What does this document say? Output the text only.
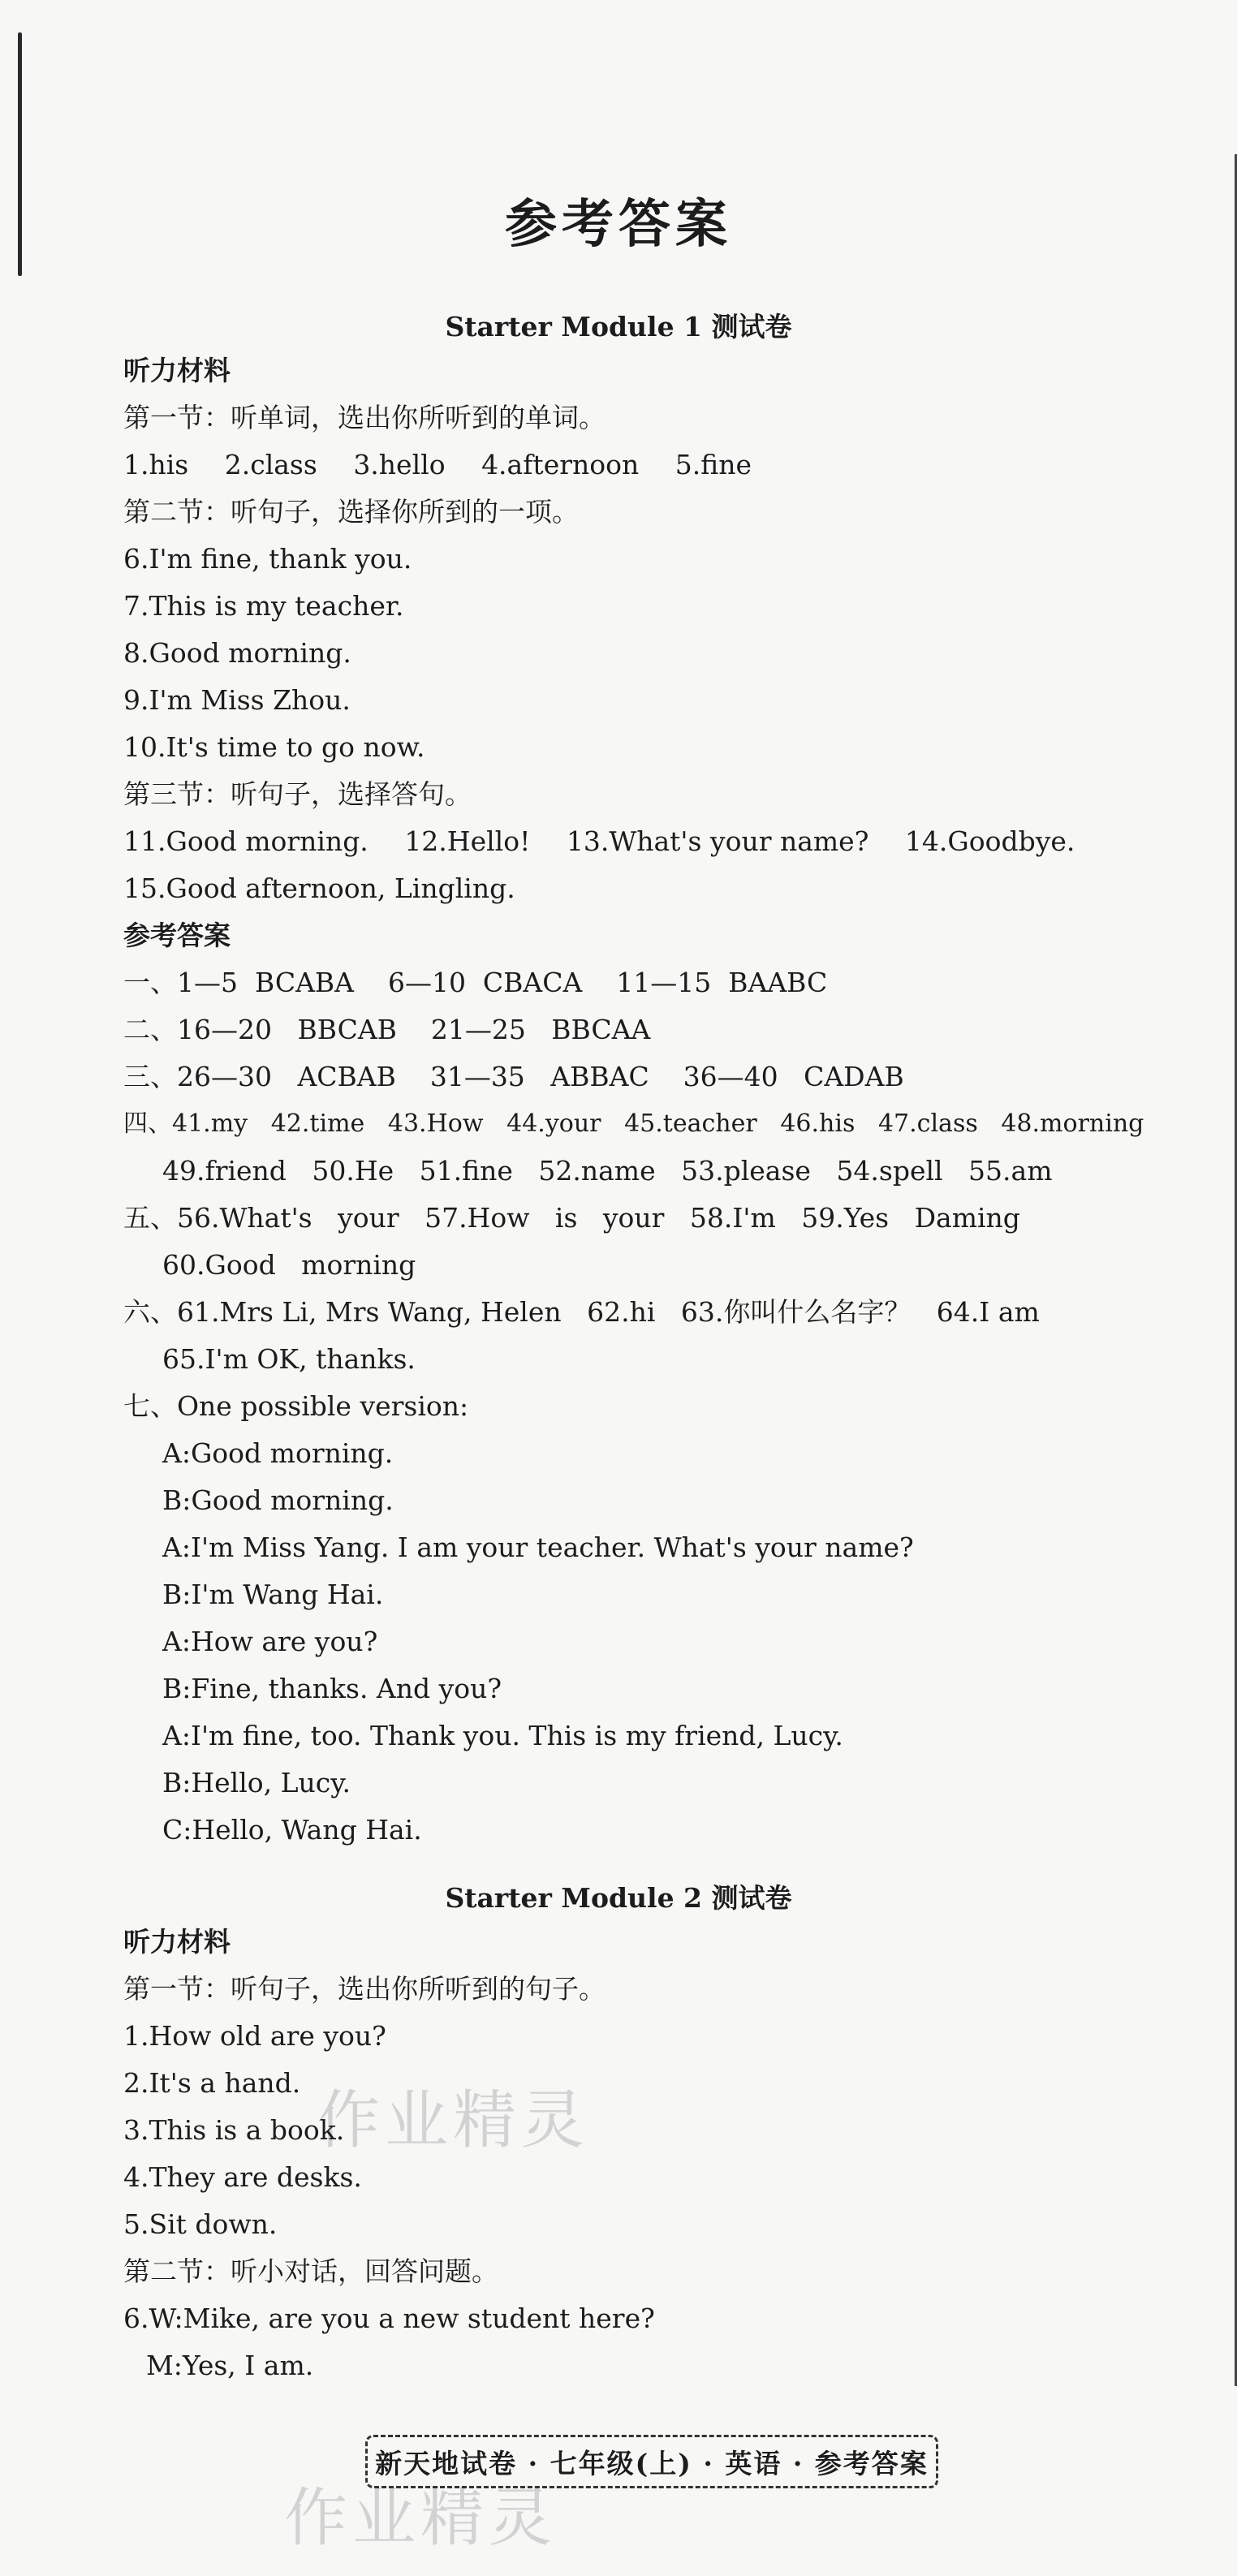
作业精灵
作业精灵
参考答案
Starter Module 1 测试卷
听力材料
第一节：听单词，选出你所听到的单词。
1.his 2.class 3.hello 4.afternoon 5.fine
第二节：听句子，选择你所到的一项。
6.I'm fine, thank you.
7.This is my teacher.
8.Good morning.
9.I'm Miss Zhou.
10.It's time to go now.
第三节：听句子，选择答句。
11.Good morning. 12.Hello! 13.What's your name? 14.Goodbye.
15.Good afternoon, Lingling.
参考答案
一、1—5  BCABA    6—10  CBACA    11—15  BAABC
二、16—20   BBCAB    21—25   BBCAA
三、26—30   ACBAB    31—35   ABBAC    36—40   CADAB
四、41.my   42.time   43.How   44.your   45.teacher   46.his   47.class   48.morning
49.friend   50.He   51.fine   52.name   53.please   54.spell   55.am
五、56.What's   your   57.How   is   your   58.I'm   59.Yes   Daming
60.Good   morning
六、61.Mrs Li, Mrs Wang, Helen   62.hi   63.你叫什么名字？   64.I am
65.I'm OK, thanks.
七、One possible version:
A:Good morning.
B:Good morning.
A:I'm Miss Yang. I am your teacher. What's your name?
B:I'm Wang Hai.
A:How are you?
B:Fine, thanks. And you?
A:I'm fine, too. Thank you. This is my friend, Lucy.
B:Hello, Lucy.
C:Hello, Wang Hai.
Starter Module 2 测试卷
听力材料
第一节：听句子，选出你所听到的句子。
1.How old are you?
2.It's a hand.
3.This is a book.
4.They are desks.
5.Sit down.
第二节：听小对话，回答问题。
6.W:Mike, are you a new student here?
M:Yes, I am.
新天地试卷 · 七年级(上) · 英语 · 参考答案
